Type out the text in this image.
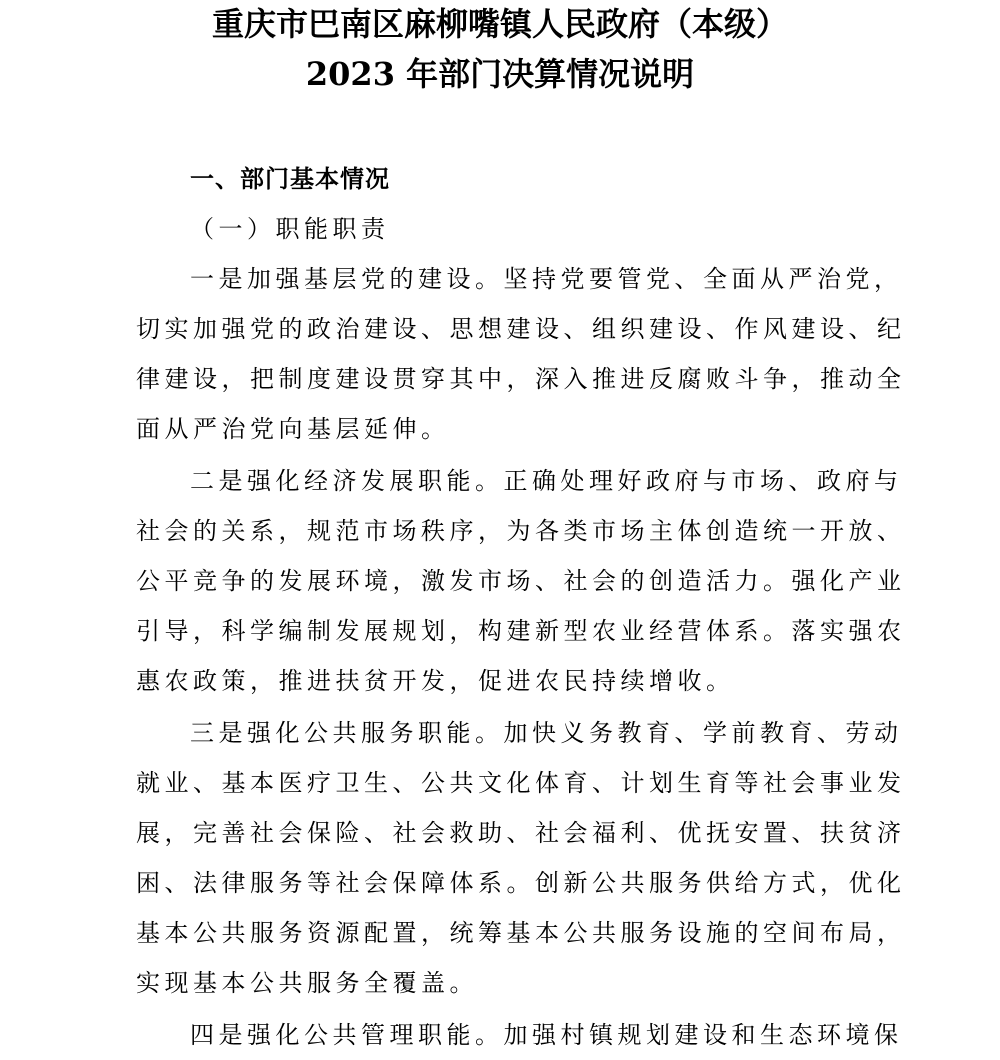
重庆市巴南区麻柳嘴镇人民政府（本级）
2023 年部门决算情况说明
一、部门基本情况
（一）职能职责
一是加强基层党的建设。坚持党要管党、全面从严治党，
切实加强党的政治建设、思想建设、组织建设、作风建设、纪
律建设，把制度建设贯穿其中，深入推进反腐败斗争，推动全
面从严治党向基层延伸。
二是强化经济发展职能。正确处理好政府与市场、政府与
社会的关系，规范市场秩序，为各类市场主体创造统一开放、
公平竞争的发展环境，激发市场、社会的创造活力。强化产业
引导，科学编制发展规划，构建新型农业经营体系。落实强农
惠农政策，推进扶贫开发，促进农民持续增收。
三是强化公共服务职能。加快义务教育、学前教育、劳动
就业、基本医疗卫生、公共文化体育、计划生育等社会事业发
展，完善社会保险、社会救助、社会福利、优抚安置、扶贫济
困、法律服务等社会保障体系。创新公共服务供给方式，优化
基本公共服务资源配置，统筹基本公共服务设施的空间布局，
实现基本公共服务全覆盖。
四是强化公共管理职能。加强村镇规划建设和生态环境保
